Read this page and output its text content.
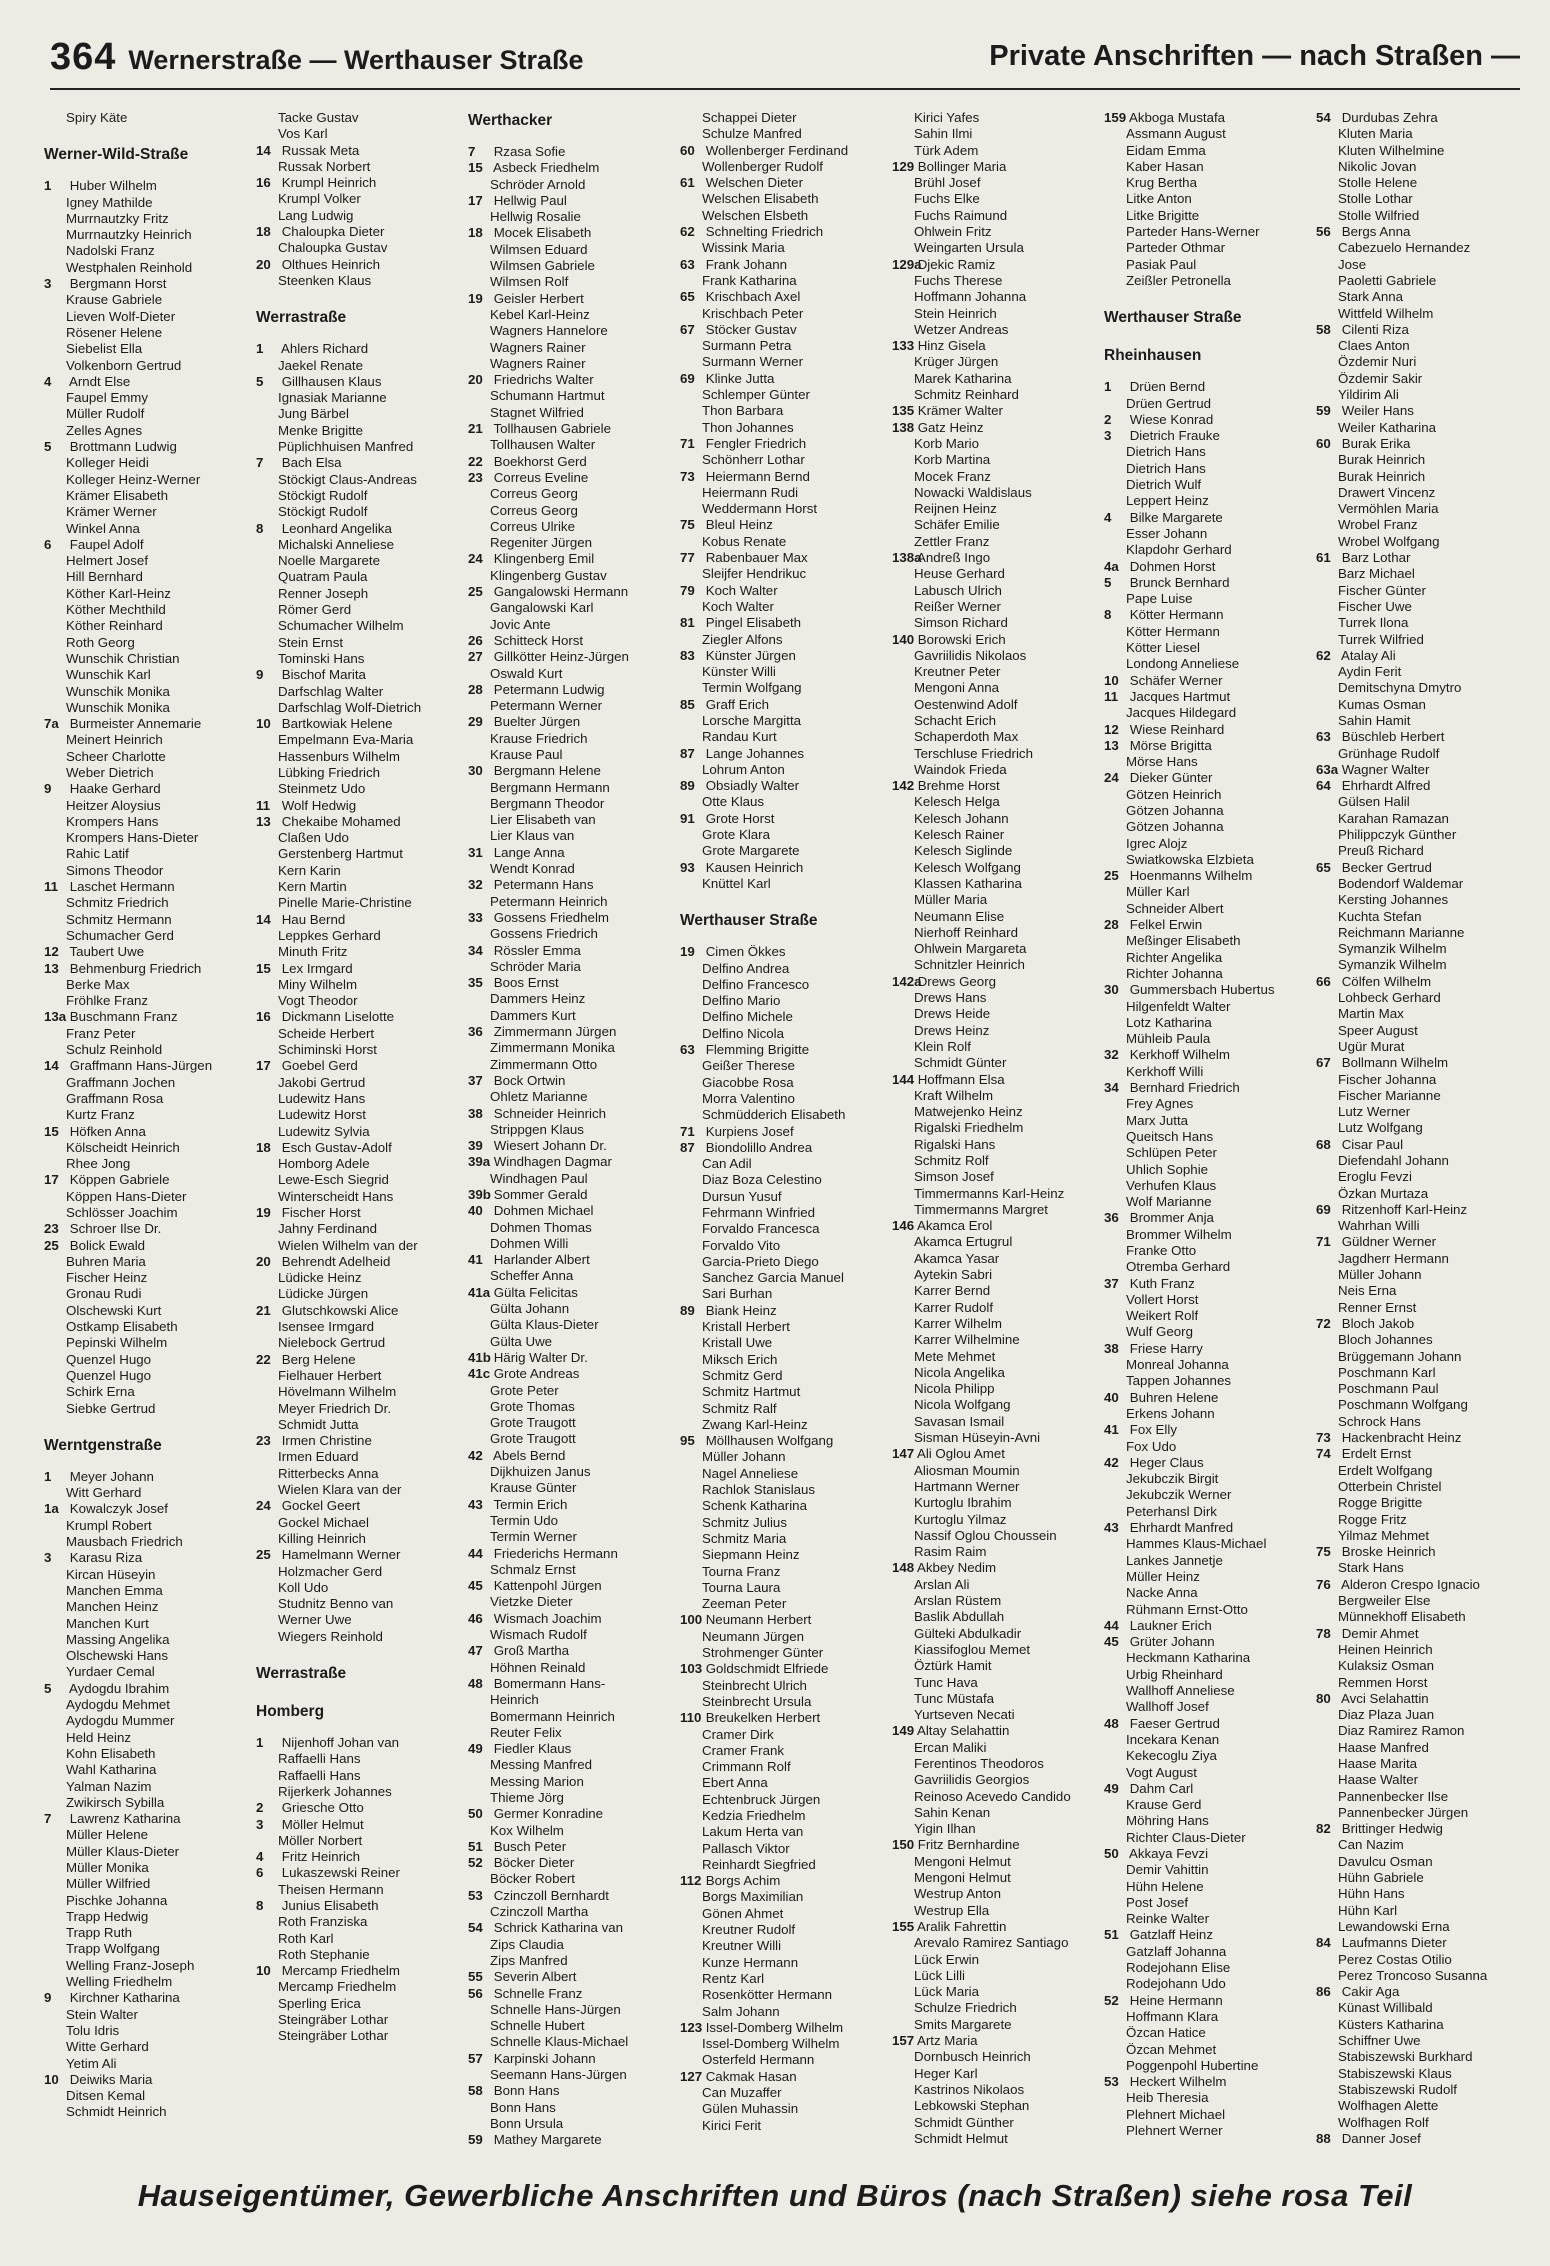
364 Wernerstraße — Werthauser Straße	Private Anschriften — nach Straßen —
Spiry Käte
Werner-Wild-Straße
1 Huber Wilhelm
Igney Mathilde
Murrnautzky Fritz
Murrnautzky Heinrich
Nadolski Franz
Westphalen Reinhold
3 Bergmann Horst
Krause Gabriele
Lieven Wolf-Dieter
Rösener Helene
Siebelist Ella
Volkenborn Gertrud
4 Arndt Else
Faupel Emmy
Müller Rudolf
Zelles Agnes
5 Brottmann Ludwig
Kolleger Heidi
Kolleger Heinz-Werner
Krämer Elisabeth
Krämer Werner
Winkel Anna
6 Faupel Adolf
Helmert Josef
Hill Bernhard
Köther Karl-Heinz
Köther Mechthild
Köther Reinhard
Roth Georg
Wunschik Christian
Wunschik Karl
Wunschik Monika
Wunschik Monika
7a Burmeister Annemarie
Meinert Heinrich
Scheer Charlotte
Weber Dietrich
9 Haake Gerhard
Heitzer Aloysius
Krompers Hans
Krompers Hans-Dieter
Rahic Latif
Simons Theodor
11 Laschet Hermann
Schmitz Friedrich
Schmitz Hermann
Schumacher Gerd
12 Taubert Uwe
13 Behmenburg Friedrich
Berke Max
Fröhlke Franz
13a Buschmann Franz
Franz Peter
Schulz Reinhold
14 Graffmann Hans-Jürgen
Graffmann Jochen
Graffmann Rosa
Kurtz Franz
15 Höfken Anna
Kölscheidt Heinrich
Rhee Jong
17 Köppen Gabriele
Köppen Hans-Dieter
Schlösser Joachim
23 Schroer Ilse Dr.
25 Bolick Ewald
Buhren Maria
Fischer Heinz
Gronau Rudi
Olschewski Kurt
Ostkamp Elisabeth
Pepinski Wilhelm
Quenzel Hugo
Quenzel Hugo
Schirk Erna
Siebke Gertrud
Werntgenstraße
1 Meyer Johann
Witt Gerhard
1a Kowalczyk Josef
Krumpl Robert
Mausbach Friedrich
3 Karasu Riza
Kircan Hüseyin
Manchen Emma
Manchen Heinz
Manchen Kurt
Massing Angelika
Olschewski Hans
Yurdaer Cemal
5 Aydogdu Ibrahim
Aydogdu Mehmet
Aydogdu Mummer
Held Heinz
Kohn Elisabeth
Wahl Katharina
Yalman Nazim
Zwikirsch Sybilla
7 Lawrenz Katharina
Müller Helene
Müller Klaus-Dieter
Müller Monika
Müller Wilfried
Pischke Johanna
Trapp Hedwig
Trapp Ruth
Trapp Wolfgang
Welling Franz-Joseph
Welling Friedhelm
9 Kirchner Katharina
Stein Walter
Tolu Idris
Witte Gerhard
Yetim Ali
10 Deiwiks Maria
Ditsen Kemal
Schmidt Heinrich
Tacke Gustav
Vos Karl
14 Russak Meta
Russak Norbert
16 Krumpl Heinrich
Krumpl Volker
Lang Ludwig
18 Chaloupka Dieter
Chaloupka Gustav
20 Olthues Heinrich
Steenken Klaus
Werrastraße
1 Ahlers Richard
Jaekel Renate
5 Gillhausen Klaus
Ignasiak Marianne
Jung Bärbel
Menke Brigitte
Püplichhuisen Manfred
7 Bach Elsa
Stöckigt Claus-Andreas
Stöckigt Rudolf
Stöckigt Rudolf
8 Leonhard Angelika
Michalski Anneliese
Noelle Margarete
Quatram Paula
Renner Joseph
Römer Gerd
Schumacher Wilhelm
Stein Ernst
Tominski Hans
9 Bischof Marita
Darfschlag Walter
Darfschlag Wolf-Dietrich
10 Bartkowiak Helene
Empelmann Eva-Maria
Hassenburs Wilhelm
Lübking Friedrich
Steinmetz Udo
11 Wolf Hedwig
13 Chekaibe Mohamed
Claßen Udo
Gerstenberg Hartmut
Kern Karin
Kern Martin
Pinelle Marie-Christine
14 Hau Bernd
Leppkes Gerhard
Minuth Fritz
15 Lex Irmgard
Miny Wilhelm
Vogt Theodor
16 Dickmann Liselotte
Scheide Herbert
Schiminski Horst
17 Goebel Gerd
Jakobi Gertrud
Ludewitz Hans
Ludewitz Horst
Ludewitz Sylvia
18 Esch Gustav-Adolf
Homborg Adele
Lewe-Esch Siegrid
Winterscheidt Hans
19 Fischer Horst
Jahny Ferdinand
Wielen Wilhelm van der
20 Behrendt Adelheid
Lüdicke Heinz
Lüdicke Jürgen
21 Glutschkowski Alice
Isensee Irmgard
Nielebock Gertrud
22 Berg Helene
Fielhauer Herbert
Hövelmann Wilhelm
Meyer Friedrich Dr.
Schmidt Jutta
23 Irmen Christine
Irmen Eduard
Ritterbecks Anna
Wielen Klara van der
24 Gockel Geert
Gockel Michael
Killing Heinrich
25 Hamelmann Werner
Holzmacher Gerd
Koll Udo
Studnitz Benno van
Werner Uwe
Wiegers Reinhold
Werrastraße
Homberg
1 Nijenhoff Johan van
Raffaelli Hans
Raffaelli Hans
Rijerkerk Johannes
2 Griesche Otto
3 Möller Helmut
Möller Norbert
4 Fritz Heinrich
6 Lukaszewski Reiner
Theisen Hermann
8 Junius Elisabeth
Roth Franziska
Roth Karl
Roth Stephanie
10 Mercamp Friedhelm
Mercamp Friedhelm
Sperling Erica
Steingräber Lothar
Steingräber Lothar
Werthacker
7 Rzasa Sofie
15 Asbeck Friedhelm
Schröder Arnold
17 Hellwig Paul
Hellwig Rosalie
18 Mocek Elisabeth
Wilmsen Eduard
Wilmsen Gabriele
Wilmsen Rolf
19 Geisler Herbert
Kebel Karl-Heinz
Wagners Hannelore
Wagners Rainer
Wagners Rainer
20 Friedrichs Walter
Schumann Hartmut
Stagnet Wilfried
21 Tollhausen Gabriele
Tollhausen Walter
22 Boekhorst Gerd
23 Correus Eveline
Correus Georg
Correus Georg
Correus Ulrike
Regeniter Jürgen
24 Klingenberg Emil
Klingenberg Gustav
25 Gangalowski Hermann
Gangalowski Karl
Jovic Ante
26 Schitteck Horst
27 Gillkötter Heinz-Jürgen
Oswald Kurt
28 Petermann Ludwig
Petermann Werner
29 Buelter Jürgen
Krause Friedrich
Krause Paul
30 Bergmann Helene
Bergmann Hermann
Bergmann Theodor
Lier Elisabeth van
Lier Klaus van
31 Lange Anna
Wendt Konrad
32 Petermann Hans
Petermann Heinrich
33 Gossens Friedhelm
Gossens Friedrich
34 Rössler Emma
Schröder Maria
35 Boos Ernst
Dammers Heinz
Dammers Kurt
36 Zimmermann Jürgen
Zimmermann Monika
Zimmermann Otto
37 Bock Ortwin
Ohletz Marianne
38 Schneider Heinrich
Strippgen Klaus
39 Wiesert Johann Dr.
39a Windhagen Dagmar
Windhagen Paul
39b Sommer Gerald
40 Dohmen Michael
Dohmen Thomas
Dohmen Willi
41 Harlander Albert
Scheffer Anna
41a Gülta Felicitas
Gülta Johann
Gülta Klaus-Dieter
Gülta Uwe
41b Härig Walter Dr.
41c Grote Andreas
Grote Peter
Grote Thomas
Grote Traugott
Grote Traugott
42 Abels Bernd
Dijkhuizen Janus
Krause Günter
43 Termin Erich
Termin Udo
Termin Werner
44 Friederichs Hermann
Schmalz Ernst
45 Kattenpohl Jürgen
Vietzke Dieter
46 Wismach Joachim
Wismach Rudolf
47 Groß Martha
Höhnen Reinald
48 Bomermann Hans-
Heinrich
Bomermann Heinrich
Reuter Felix
49 Fiedler Klaus
Messing Manfred
Messing Marion
Thieme Jörg
50 Germer Konradine
Kox Wilhelm
51 Busch Peter
52 Böcker Dieter
Böcker Robert
53 Czinczoll Bernhardt
Czinczoll Martha
54 Schrick Katharina van
Zips Claudia
Zips Manfred
55 Severin Albert
56 Schnelle Franz
Schnelle Hans-Jürgen
Schnelle Hubert
Schnelle Klaus-Michael
57 Karpinski Johann
Seemann Hans-Jürgen
58 Bonn Hans
Bonn Hans
Bonn Ursula
59 Mathey Margarete
Schappei Dieter
Schulze Manfred
60 Wollenberger Ferdinand
Wollenberger Rudolf
61 Welschen Dieter
Welschen Elisabeth
Welschen Elsbeth
62 Schnelting Friedrich
Wissink Maria
63 Frank Johann
Frank Katharina
65 Krischbach Axel
Krischbach Peter
67 Stöcker Gustav
Surmann Petra
Surmann Werner
69 Klinke Jutta
Schlemper Günter
Thon Barbara
Thon Johannes
71 Fengler Friedrich
Schönherr Lothar
73 Heiermann Bernd
Heiermann Rudi
Weddermann Horst
75 Bleul Heinz
Kobus Renate
77 Rabenbauer Max
Sleijfer Hendrikuc
79 Koch Walter
Koch Walter
81 Pingel Elisabeth
Ziegler Alfons
83 Künster Jürgen
Künster Willi
Termin Wolfgang
85 Graff Erich
Lorsche Margitta
Randau Kurt
87 Lange Johannes
Lohrum Anton
89 Obsiadly Walter
Otte Klaus
91 Grote Horst
Grote Klara
Grote Margarete
93 Kausen Heinrich
Knüttel Karl
Werthauser Straße
19 Cimen Ökkes
Delfino Andrea
Delfino Francesco
Delfino Mario
Delfino Michele
Delfino Nicola
63 Flemming Brigitte
Geißer Therese
Giacobbe Rosa
Morra Valentino
Schmüdderich Elisabeth
71 Kurpiens Josef
87 Biondolillo Andrea
Can Adil
Diaz Boza Celestino
Dursun Yusuf
Fehrmann Winfried
Forvaldo Francesca
Forvaldo Vito
Garcia-Prieto Diego
Sanchez Garcia Manuel
Sari Burhan
89 Biank Heinz
Kristall Herbert
Kristall Uwe
Miksch Erich
Schmitz Gerd
Schmitz Hartmut
Schmitz Ralf
Zwang Karl-Heinz
95 Möllhausen Wolfgang
Müller Johann
Nagel Anneliese
Rachlok Stanislaus
Schenk Katharina
Schmitz Julius
Schmitz Maria
Siepmann Heinz
Tourna Franz
Tourna Laura
Zeeman Peter
100 Neumann Herbert
Neumann Jürgen
Strohmenger Günter
103 Goldschmidt Elfriede
Steinbrecht Ulrich
Steinbrecht Ursula
110 Breukelken Herbert
Cramer Dirk
Cramer Frank
Crimmann Rolf
Ebert Anna
Echtenbruck Jürgen
Kedzia Friedhelm
Lakum Herta van
Pallasch Viktor
Reinhardt Siegfried
112 Borgs Achim
Borgs Maximilian
Gönen Ahmet
Kreutner Rudolf
Kreutner Willi
Kunze Hermann
Rentz Karl
Rosenkötter Hermann
Salm Johann
123 Issel-Domberg Wilhelm
Issel-Domberg Wilhelm
Osterfeld Hermann
127 Cakmak Hasan
Can Muzaffer
Gülen Muhassin
Kirici Ferit
Kirici Yafes
Sahin Ilmi
Türk Adem
129 Bollinger Maria
Brühl Josef
Fuchs Elke
Fuchs Raimund
Ohlwein Fritz
Weingarten Ursula
129a Djekic Ramiz
Fuchs Therese
Hoffmann Johanna
Stein Heinrich
Wetzer Andreas
133 Hinz Gisela
Krüger Jürgen
Marek Katharina
Schmitz Reinhard
135 Krämer Walter
138 Gatz Heinz
Korb Mario
Korb Martina
Mocek Franz
Nowacki Waldislaus
Reijnen Heinz
Schäfer Emilie
Zettler Franz
138a Andreß Ingo
Heuse Gerhard
Labusch Ulrich
Reißer Werner
Simson Richard
140 Borowski Erich
Gavriilidis Nikolaos
Kreutner Peter
Mengoni Anna
Oestenwind Adolf
Schacht Erich
Schaperdoth Max
Terschluse Friedrich
Waindok Frieda
142 Brehme Horst
Kelesch Helga
Kelesch Johann
Kelesch Rainer
Kelesch Siglinde
Kelesch Wolfgang
Klassen Katharina
Müller Maria
Neumann Elise
Nierhoff Reinhard
Ohlwein Margareta
Schnitzler Heinrich
142a Drews Georg
Drews Hans
Drews Heide
Drews Heinz
Klein Rolf
Schmidt Günter
144 Hoffmann Elsa
Kraft Wilhelm
Matwejenko Heinz
Rigalski Friedhelm
Rigalski Hans
Schmitz Rolf
Simson Josef
Timmermanns Karl-Heinz
Timmermanns Margret
146 Akamca Erol
Akamca Ertugrul
Akamca Yasar
Aytekin Sabri
Karrer Bernd
Karrer Rudolf
Karrer Wilhelm
Karrer Wilhelmine
Mete Mehmet
Nicola Angelika
Nicola Philipp
Nicola Wolfgang
Savasan Ismail
Sisman Hüseyin-Avni
147 Ali Oglou Amet
Aliosman Moumin
Hartmann Werner
Kurtoglu Ibrahim
Kurtoglu Yilmaz
Nassif Oglou Choussein
Rasim Raim
148 Akbey Nedim
Arslan Ali
Arslan Rüstem
Baslik Abdullah
Gülteki Abdulkadir
Kiassifoglou Memet
Öztürk Hamit
Tunc Hava
Tunc Müstafa
Yurtseven Necati
149 Altay Selahattin
Ercan Maliki
Ferentinos Theodoros
Gavriilidis Georgios
Reinoso Acevedo Candido
Sahin Kenan
Yigin Ilhan
150 Fritz Bernhardine
Mengoni Helmut
Mengoni Helmut
Westrup Anton
Westrup Ella
155 Aralik Fahrettin
Arevalo Ramirez Santiago
Lück Erwin
Lück Lilli
Lück Maria
Schulze Friedrich
Smits Margarete
157 Artz Maria
Dornbusch Heinrich
Heger Karl
Kastrinos Nikolaos
Lebkowski Stephan
Schmidt Günther
Schmidt Helmut
159 Akboga Mustafa
Assmann August
Eidam Emma
Kaber Hasan
Krug Bertha
Litke Anton
Litke Brigitte
Parteder Hans-Werner
Parteder Othmar
Pasiak Paul
Zeißler Petronella
Werthauser Straße
Rheinhausen
1 Drüen Bernd
Drüen Gertrud
2 Wiese Konrad
3 Dietrich Frauke
Dietrich Hans
Dietrich Hans
Dietrich Wulf
Leppert Heinz
4 Bilke Margarete
Esser Johann
Klapdohr Gerhard
4a Dohmen Horst
5 Brunck Bernhard
Pape Luise
8 Kötter Hermann
Kötter Hermann
Kötter Liesel
Londong Anneliese
10 Schäfer Werner
11 Jacques Hartmut
Jacques Hildegard
12 Wiese Reinhard
13 Mörse Brigitta
Mörse Hans
24 Dieker Günter
Götzen Heinrich
Götzen Johanna
Götzen Johanna
Igrec Alojz
Swiatkowska Elzbieta
25 Hoenmanns Wilhelm
Müller Karl
Schneider Albert
28 Felkel Erwin
Meßinger Elisabeth
Richter Angelika
Richter Johanna
30 Gummersbach Hubertus
Hilgenfeldt Walter
Lotz Katharina
Mühleib Paula
32 Kerkhoff Wilhelm
Kerkhoff Willi
34 Bernhard Friedrich
Frey Agnes
Marx Jutta
Queitsch Hans
Schlüpen Peter
Uhlich Sophie
Verhufen Klaus
Wolf Marianne
36 Brommer Anja
Brommer Wilhelm
Franke Otto
Otremba Gerhard
37 Kuth Franz
Vollert Horst
Weikert Rolf
Wulf Georg
38 Friese Harry
Monreal Johanna
Tappen Johannes
40 Buhren Helene
Erkens Johann
41 Fox Elly
Fox Udo
42 Heger Claus
Jekubczik Birgit
Jekubczik Werner
Peterhansl Dirk
43 Ehrhardt Manfred
Hammes Klaus-Michael
Lankes Jannetje
Müller Heinz
Nacke Anna
Rühmann Ernst-Otto
44 Laukner Erich
45 Grüter Johann
Heckmann Katharina
Urbig Rheinhard
Wallhoff Anneliese
Wallhoff Josef
48 Faeser Gertrud
Incekara Kenan
Kekecoglu Ziya
Vogt August
49 Dahm Carl
Krause Gerd
Möhring Hans
Richter Claus-Dieter
50 Akkaya Fevzi
Demir Vahittin
Hühn Helene
Post Josef
Reinke Walter
51 Gatzlaff Heinz
Gatzlaff Johanna
Rodejohann Elise
Rodejohann Udo
52 Heine Hermann
Hoffmann Klara
Özcan Hatice
Özcan Mehmet
Poggenpohl Hubertine
53 Heckert Wilhelm
Heib Theresia
Plehnert Michael
Plehnert Werner
54 Durdubas Zehra
Kluten Maria
Kluten Wilhelmine
Nikolic Jovan
Stolle Helene
Stolle Lothar
Stolle Wilfried
56 Bergs Anna
Cabezuelo Hernandez
Jose
Paoletti Gabriele
Stark Anna
Wittfeld Wilhelm
58 Cilenti Riza
Claes Anton
Özdemir Nuri
Özdemir Sakir
Yildirim Ali
59 Weiler Hans
Weiler Katharina
60 Burak Erika
Burak Heinrich
Burak Heinrich
Drawert Vincenz
Vermöhlen Maria
Wrobel Franz
Wrobel Wolfgang
61 Barz Lothar
Barz Michael
Fischer Günter
Fischer Uwe
Turrek Ilona
Turrek Wilfried
62 Atalay Ali
Aydin Ferit
Demitschyna Dmytro
Kumas Osman
Sahin Hamit
63 Büschleb Herbert
Grünhage Rudolf
63a Wagner Walter
64 Ehrhardt Alfred
Gülsen Halil
Karahan Ramazan
Philippczyk Günther
Preuß Richard
65 Becker Gertrud
Bodendorf Waldemar
Kersting Johannes
Kuchta Stefan
Reichmann Marianne
Symanzik Wilhelm
Symanzik Wilhelm
66 Cölfen Wilhelm
Lohbeck Gerhard
Martin Max
Speer August
Ugür Murat
67 Bollmann Wilhelm
Fischer Johanna
Fischer Marianne
Lutz Werner
Lutz Wolfgang
68 Cisar Paul
Diefendahl Johann
Eroglu Fevzi
Özkan Murtaza
69 Ritzenhoff Karl-Heinz
Wahrhan Willi
71 Güldner Werner
Jagdherr Hermann
Müller Johann
Neis Erna
Renner Ernst
72 Bloch Jakob
Bloch Johannes
Brüggemann Johann
Poschmann Karl
Poschmann Paul
Poschmann Wolfgang
Schrock Hans
73 Hackenbracht Heinz
74 Erdelt Ernst
Erdelt Wolfgang
Otterbein Christel
Rogge Brigitte
Rogge Fritz
Yilmaz Mehmet
75 Broske Heinrich
Stark Hans
76 Alderon Crespo Ignacio
Bergweiler Else
Münnekhoff Elisabeth
78 Demir Ahmet
Heinen Heinrich
Kulaksiz Osman
Remmen Horst
80 Avci Selahattin
Diaz Plaza Juan
Diaz Ramirez Ramon
Haase Manfred
Haase Marita
Haase Walter
Pannenbecker Ilse
Pannenbecker Jürgen
82 Brittinger Hedwig
Can Nazim
Davulcu Osman
Hühn Gabriele
Hühn Hans
Hühn Karl
Lewandowski Erna
84 Laufmanns Dieter
Perez Costas Otilio
Perez Troncoso Susanna
86 Cakir Aga
Künast Willibald
Küsters Katharina
Schiffner Uwe
Stabiszewski Burkhard
Stabiszewski Klaus
Stabiszewski Rudolf
Wolfhagen Alette
Wolfhagen Rolf
88 Danner Josef
Hauseigentümer, Gewerbliche Anschriften und Büros (nach Straßen) siehe rosa Teil
